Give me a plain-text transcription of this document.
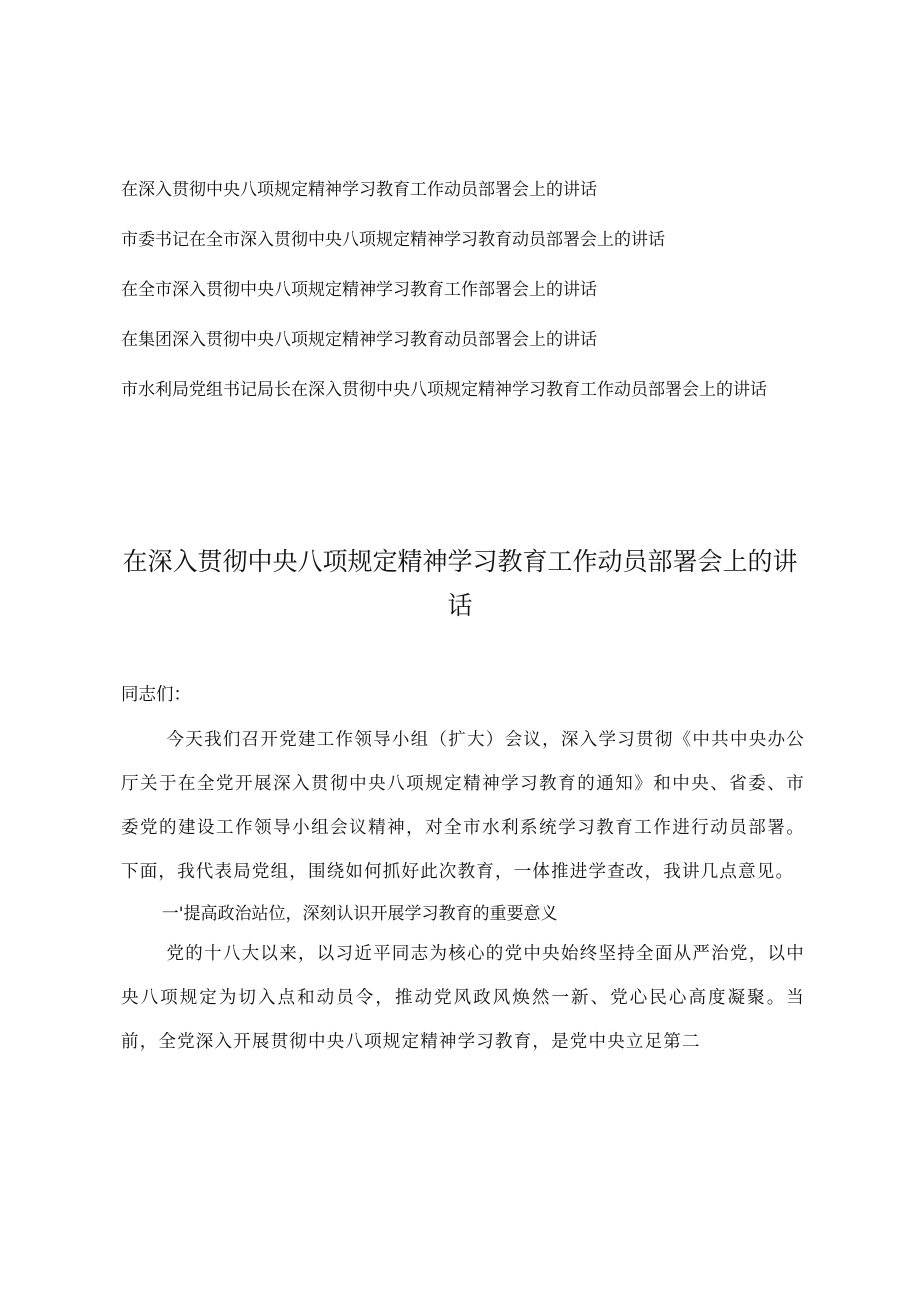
在深入贯彻中央八项规定精神学习教育工作动员部署会上的讲话
市委书记在全市深入贯彻中央八项规定精神学习教育动员部署会上的讲话
在全市深入贯彻中央八项规定精神学习教育工作部署会上的讲话
在集团深入贯彻中央八项规定精神学习教育动员部署会上的讲话
市水利局党组书记局长在深入贯彻中央八项规定精神学习教育工作动员部署会上的讲话
在深入贯彻中央八项规定精神学习教育工作动员部署会上的讲话

同志们：

今天我们召开党建工作领导小组（扩大）会议，深入学习贯彻《中共中央办公厅关于在全党开展深入贯彻中央八项规定精神学习教育的通知》和中央、省委、市委党的建设工作领导小组会议精神，对全市水利系统学习教育工作进行动员部署。下面，我代表局党组，围绕如何抓好此次教育，一体推进学查改，我讲几点意见。

一'提高政治站位，深刻认识开展学习教育的重要意义

党的十八大以来，以习近平同志为核心的党中央始终坚持全面从严治党，以中央八项规定为切入点和动员令，推动党风政风焕然一新、党心民心高度凝聚。当前，全党深入开展贯彻中央八项规定精神学习教育，是党中央立足第二
